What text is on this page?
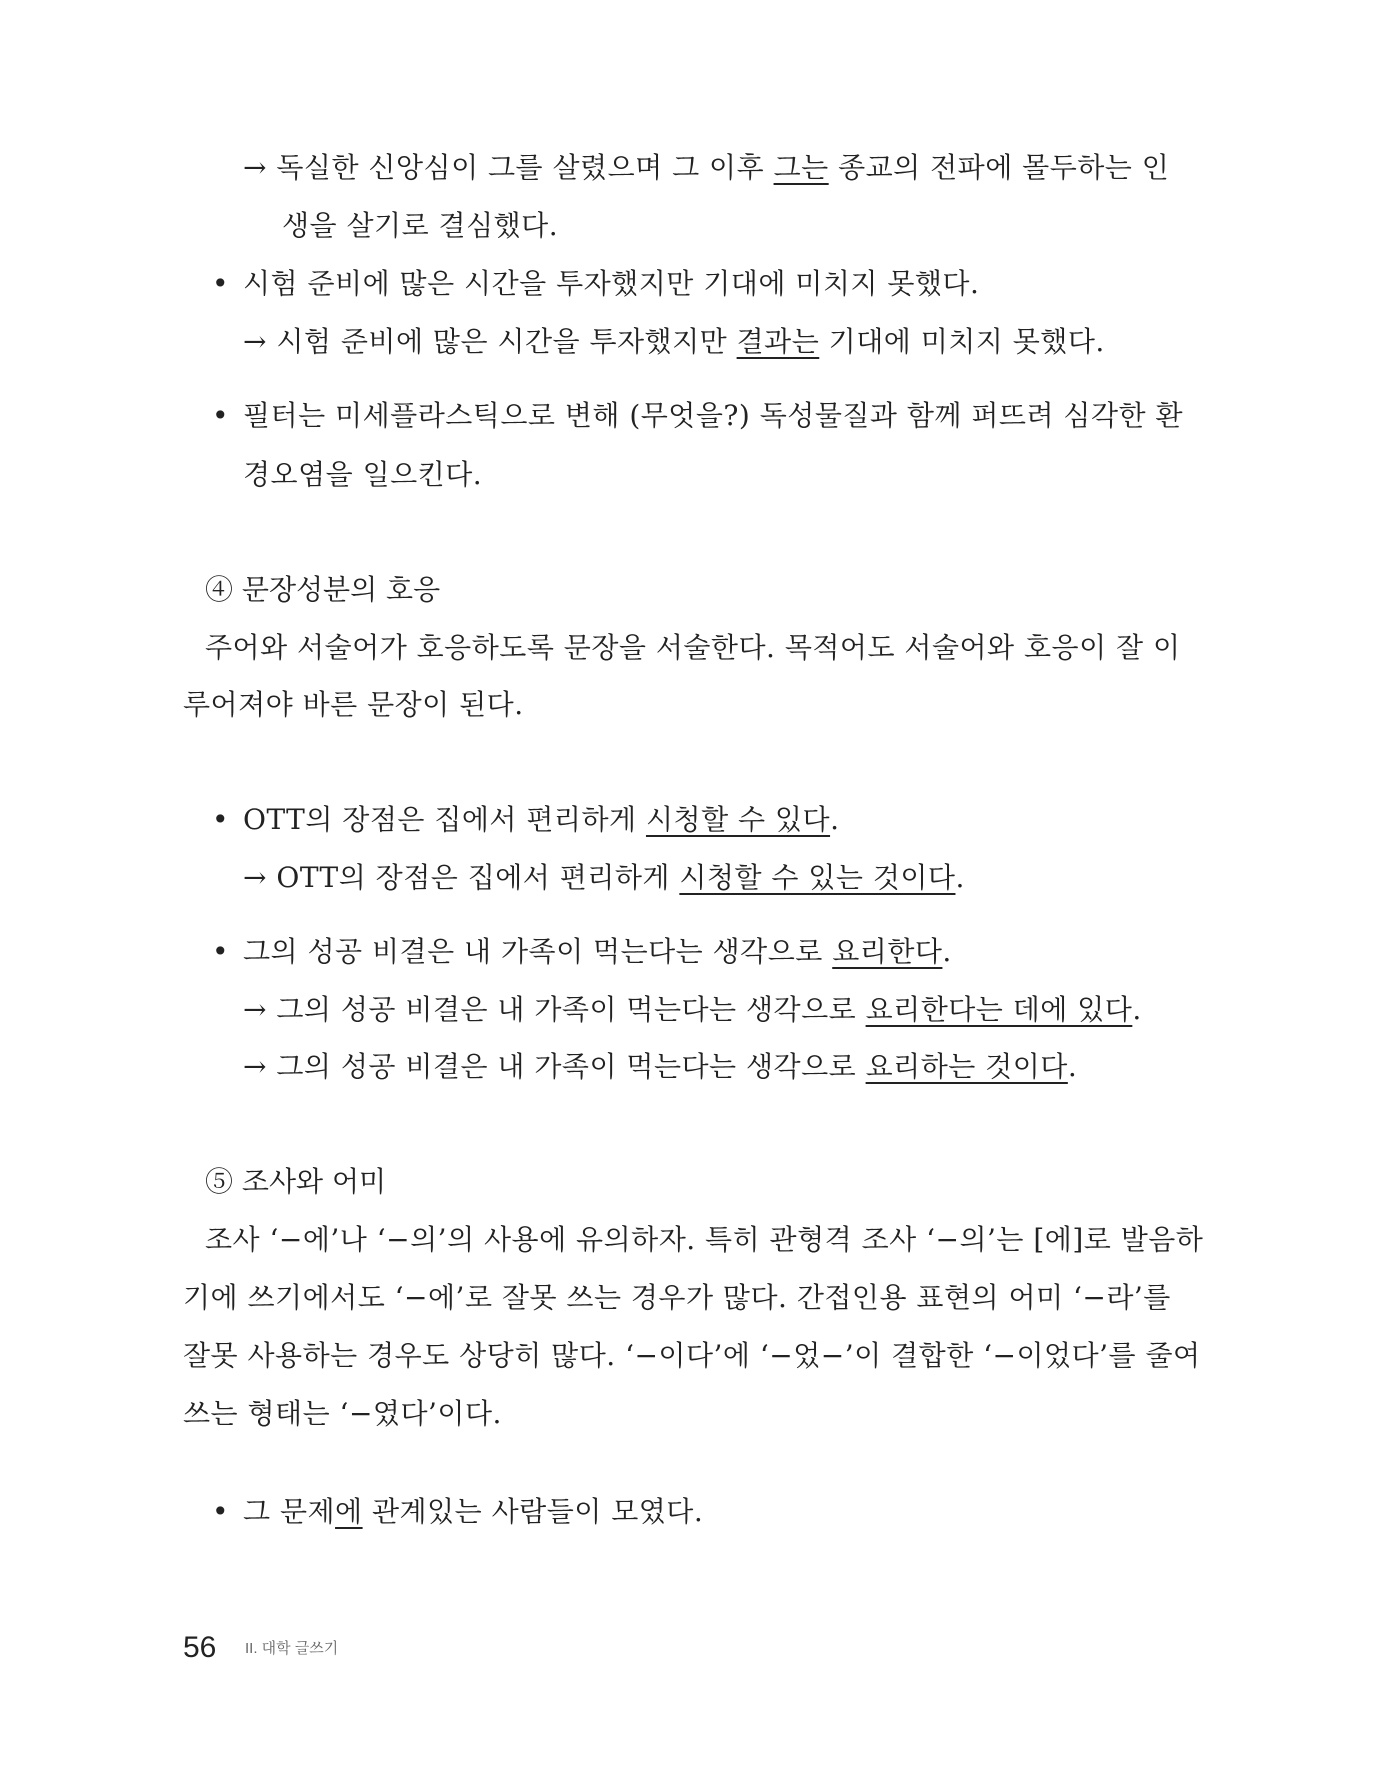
→ 독실한 신앙심이 그를 살렸으며 그 이후 그는 종교의 전파에 몰두하는 인
생을 살기로 결심했다.
• 시험 준비에 많은 시간을 투자했지만 기대에 미치지 못했다.
→ 시험 준비에 많은 시간을 투자했지만 결과는 기대에 미치지 못했다.
• 필터는 미세플라스틱으로 변해 (무엇을?) 독성물질과 함께 퍼뜨려 심각한 환
경오염을 일으킨다.
④ 문장성분의 호응
주어와 서술어가 호응하도록 문장을 서술한다. 목적어도 서술어와 호응이 잘 이
루어져야 바른 문장이 된다.
• OTT의 장점은 집에서 편리하게 시청할 수 있다.
→ OTT의 장점은 집에서 편리하게 시청할 수 있는 것이다.
• 그의 성공 비결은 내 가족이 먹는다는 생각으로 요리한다.
→ 그의 성공 비결은 내 가족이 먹는다는 생각으로 요리한다는 데에 있다.
→ 그의 성공 비결은 내 가족이 먹는다는 생각으로 요리하는 것이다.
⑤ 조사와 어미
조사 ‘−에’나 ‘−의’의 사용에 유의하자. 특히 관형격 조사 ‘−의’는 [에]로 발음하
기에 쓰기에서도 ‘−에’로 잘못 쓰는 경우가 많다. 간접인용 표현의 어미 ‘−라’를
잘못 사용하는 경우도 상당히 많다. ‘−이다’에 ‘−었−’이 결합한 ‘−이었다’를 줄여
쓰는 형태는 ‘−였다’이다.
• 그 문제에 관계있는 사람들이 모였다.
56 II. 대학 글쓰기
